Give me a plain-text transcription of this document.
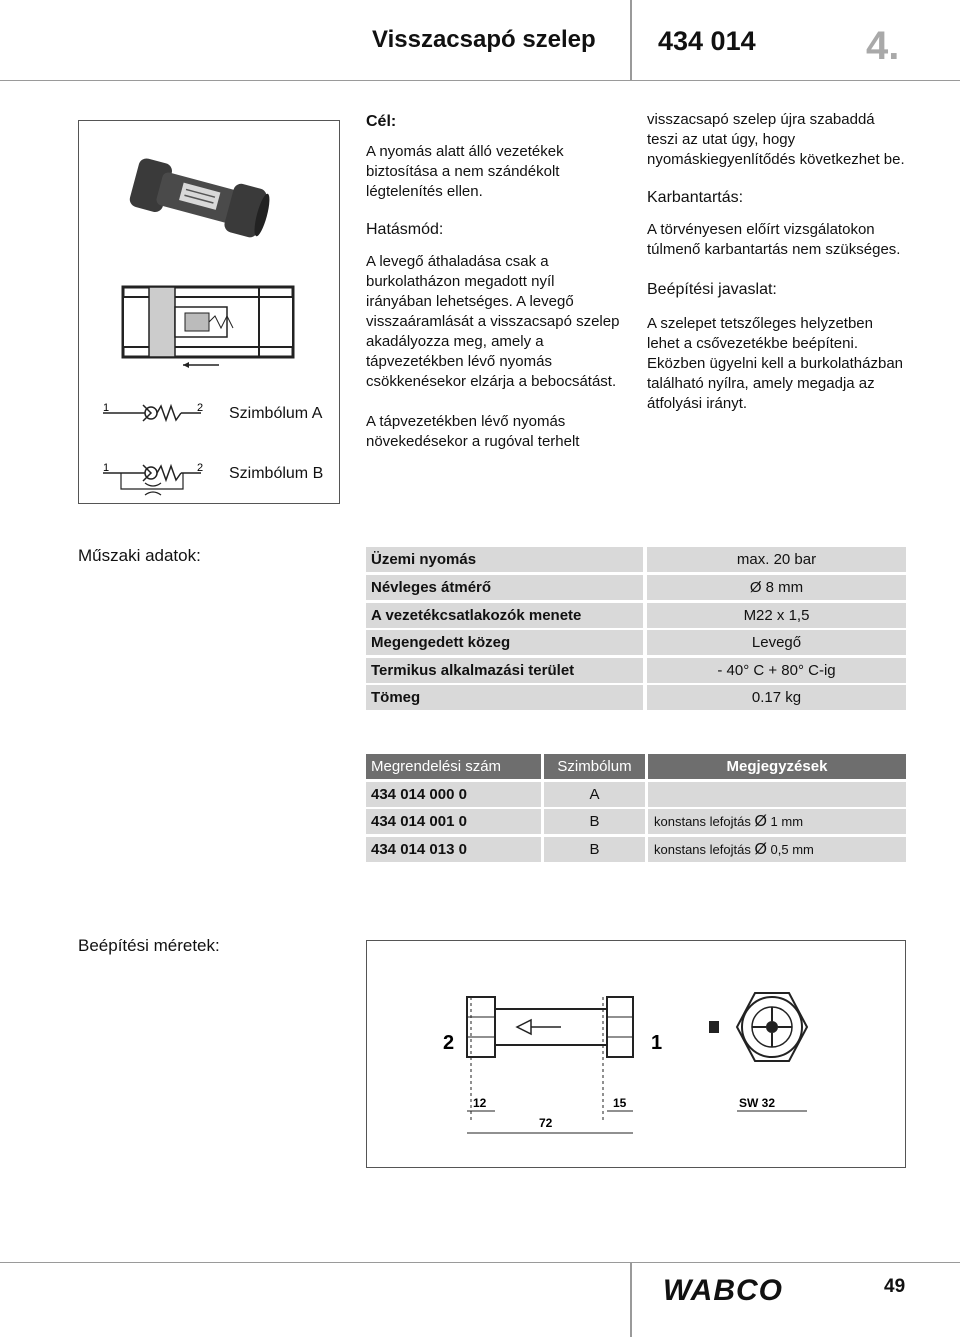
Visszacsapó szelep 434 014	4.
1	2 Szimbólum A
1	2 Szimbólum B
Cél:

A nyomás alatt álló vezetékek biztosítása a nem szándékolt légtelenítés ellen.

Hatásmód:

A levegő áthaladása csak a burkolatházon megadott nyíl irányában lehetséges. A levegő visszaáramlását a visszacsapó szelep akadályozza meg, amely a tápvezetékben lévő nyomás csökkenésekor elzárja a bebocsátást.

A tápvezetékben lévő nyomás növekedésekor a rugóval terhelt

visszacsapó szelep újra szabaddá teszi az utat úgy, hogy nyomáskiegyenlítődés következhet be.

Karbantartás:

A törvényesen előírt vizsgálatokon túlmenő karbantartás nem szükséges.

Beépítési javaslat:

A szelepet tetszőleges helyzetben lehet a csővezetékbe beépíteni. Eközben ügyelni kell a burkolatházban található nyílra, amely megadja az átfolyási irányt.

Műszaki adatok:	Üzemi nyomás	max. 20 bar
Névleges átmérő	Ø 8 mm
A vezetékcsatlakozók menete	M22 x 1,5
Megengedett közeg	Levegő
Termikus alkalmazási terület	- 40° C + 80° C-ig
Tömeg	0.17 kg
Megrendelési szám	Szimbólum	Megjegyzések
434 014 000 0	A
434 014 001 0	B	konstans lefojtás Ø 1 mm
434 014 013 0	B	konstans lefojtás Ø 0,5 mm
Beépítési méretek:
2	1
12	15
72
SW 32
WABCO	49
